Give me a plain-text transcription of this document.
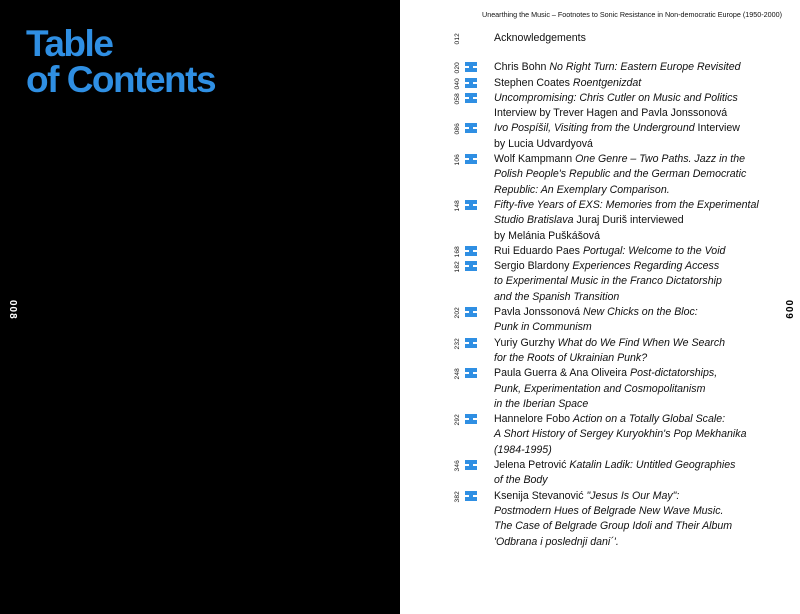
Table
of Contents
008
Unearthing the Music – Footnotes to Sonic Resistance in Non-democratic Europe (1950-2000)
009
012	Acknowledgements
020	Chris Bohn No Right Turn: Eastern Europe Revisited
040	Stephen Coates Roentgenizdat
058	Uncompromising: Chris Cutler on Music and Politics
Interview by Trever Hagen and Pavla Jonssonová
086	Ivo Pospíšil, Visiting from the Underground Interview
by Lucia Udvardyová
106	Wolf Kampmann One Genre – Two Paths. Jazz in the
Polish People's Republic and the German Democratic
Republic: An Exemplary Comparison.
148	Fifty-five Years of EXS: Memories from the Experimental
Studio Bratislava Juraj Duriš interviewed
by Melánia Puškášová
168	Rui Eduardo Paes Portugal: Welcome to the Void
182	Sergio Blardony Experiences Regarding Access
to Experimental Music in the Franco Dictatorship
and the Spanish Transition
202	Pavla Jonssonová New Chicks on the Bloc:
Punk in Communism
232	Yuriy Gurzhy What do We Find When We Search
for the Roots of Ukrainian Punk?
248	Paula Guerra & Ana Oliveira Post-dictatorships,
Punk, Experimentation and Cosmopolitanism
in the Iberian Space
292	Hannelore Fobo Action on a Totally Global Scale:
A Short History of Sergey Kuryokhin's Pop Mekhanika
(1984-1995)
346	Jelena Petrović Katalin Ladik: Untitled Geographies
of the Body
382	Ksenija Stevanović "Jesus Is Our May":
Postmodern Hues of Belgrade New Wave Music.
The Case of Belgrade Group Idoli and Their Album
'Odbrana i poslednji dani´'.
